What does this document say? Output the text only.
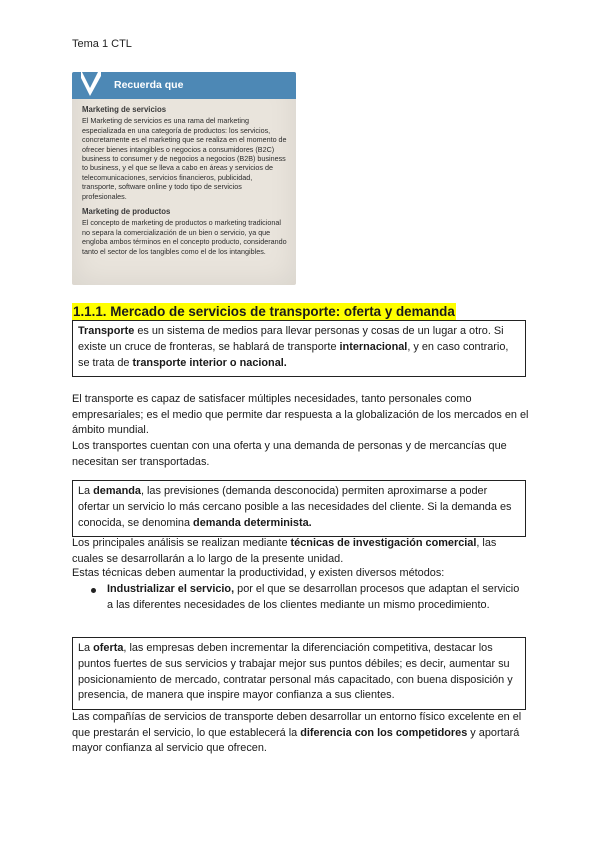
Tema 1 CTL
Recuerda que
Marketing de servicios

El Marketing de servicios es una rama del marketing especializada en una categoría de productos: los servicios, concretamente es el marketing que se realiza en el momento de ofrecer bienes intangibles o negocios a consumidores (B2C) business to consumer y de negocios a negocios (B2B) business to business, y el que se lleva a cabo en áreas y servicios de telecomunicaciones, servicios financieros, publicidad, transporte, software online y todo tipo de servicios profesionales.

Marketing de productos

El concepto de marketing de productos o marketing tradicional no separa la comercialización de un bien o servicio, ya que engloba ambos términos en el concepto producto, considerando tanto el sector de los tangibles como el de los intangibles.

1.1.1. Mercado de servicios de transporte: oferta y demanda
Transporte es un sistema de medios para llevar personas y cosas de un lugar a otro. Si existe un cruce de fronteras, se hablará de transporte internacional, y en caso contrario, se trata de transporte interior o nacional.

El transporte es capaz de satisfacer múltiples necesidades, tanto personales como empresariales; es el medio que permite dar respuesta a la globalización de los mercados en el ámbito mundial.

Los transportes cuentan con una oferta y una demanda de personas y de mercancías que necesitan ser transportadas.

La demanda, las previsiones (demanda desconocida) permiten aproximarse a poder ofertar un servicio lo más cercano posible a las necesidades del cliente. Si la demanda es conocida, se denomina demanda determinista.

Los principales análisis se realizan mediante técnicas de investigación comercial, las cuales se desarrollarán a lo largo de la presente unidad.

Estas técnicas deben aumentar la productividad, y existen diversos métodos:

Industrializar el servicio, por el que se desarrollan procesos que adaptan el servicio a las diferentes necesidades de los clientes mediante un mismo procedimiento.
La oferta, las empresas deben incrementar la diferenciación competitiva, destacar los puntos fuertes de sus servicios y trabajar mejor sus puntos débiles; es decir, aumentar su posicionamiento de mercado, contratar personal más capacitado, con buena disposición y presencia, de manera que inspire mayor confianza a sus clientes.

Las compañías de servicios de transporte deben desarrollar un entorno físico excelente en el que prestarán el servicio, lo que establecerá la diferencia con los competidores y aportará mayor confianza al servicio que ofrecen.
